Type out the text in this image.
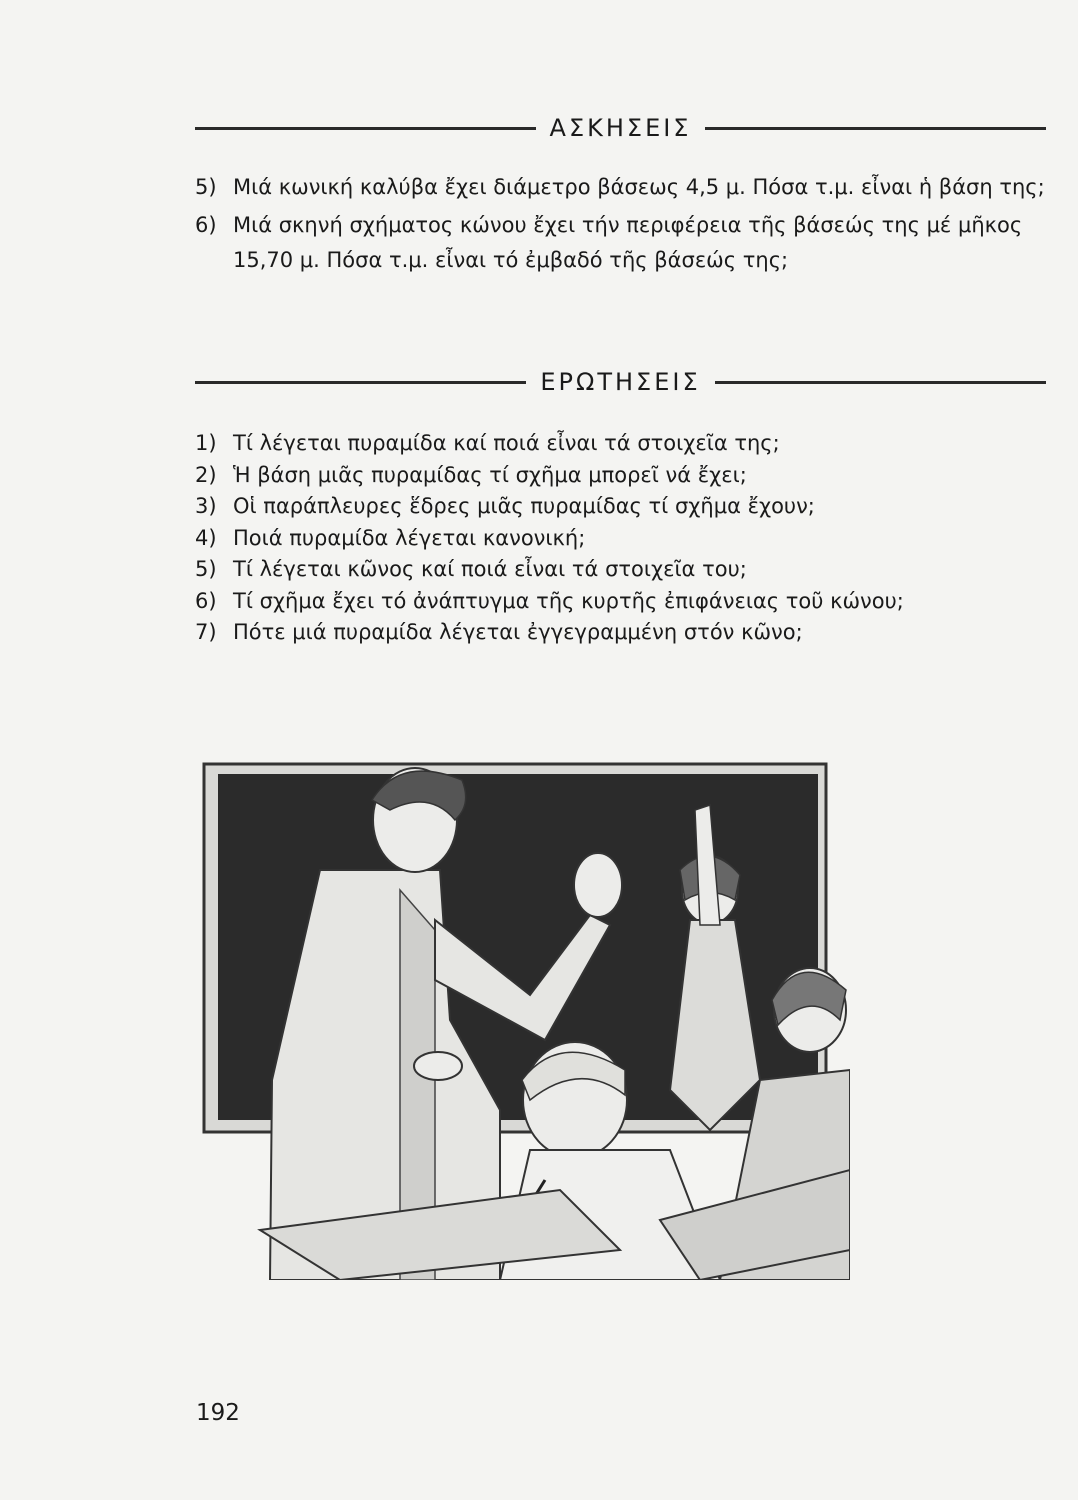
ΑΣΚΗΣΕΙΣ
5) Μιά κωνική καλύβα ἔχει διάμετρο βάσεως 4,5 μ. Πόσα τ.μ. εἶναι ἡ βάση της;
6) Μιά σκηνή σχήματος κώνου ἔχει τήν περιφέρεια τῆς βάσεώς της μέ μῆκος 15,70 μ. Πόσα τ.μ. εἶναι τό ἐμβαδό τῆς βάσεώς της;
ΕΡΩΤΗΣΕΙΣ
1) Τί λέγεται πυραμίδα καί ποιά εἶναι τά στοιχεῖα της;
2) Ἡ βάση μιᾶς πυραμίδας τί σχῆμα μπορεῖ νά ἔχει;
3) Οἱ παράπλευρες ἕδρες μιᾶς πυραμίδας τί σχῆμα ἔχουν;
4) Ποιά πυραμίδα λέγεται κανονική;
5) Τί λέγεται κῶνος καί ποιά εἶναι τά στοιχεῖα του;
6) Τί σχῆμα ἔχει τό ἀνάπτυγμα τῆς κυρτῆς ἐπιφάνειας τοῦ κώνου;
7) Πότε μιά πυραμίδα λέγεται ἐγγεγραμμένη στόν κῶνο;
192
